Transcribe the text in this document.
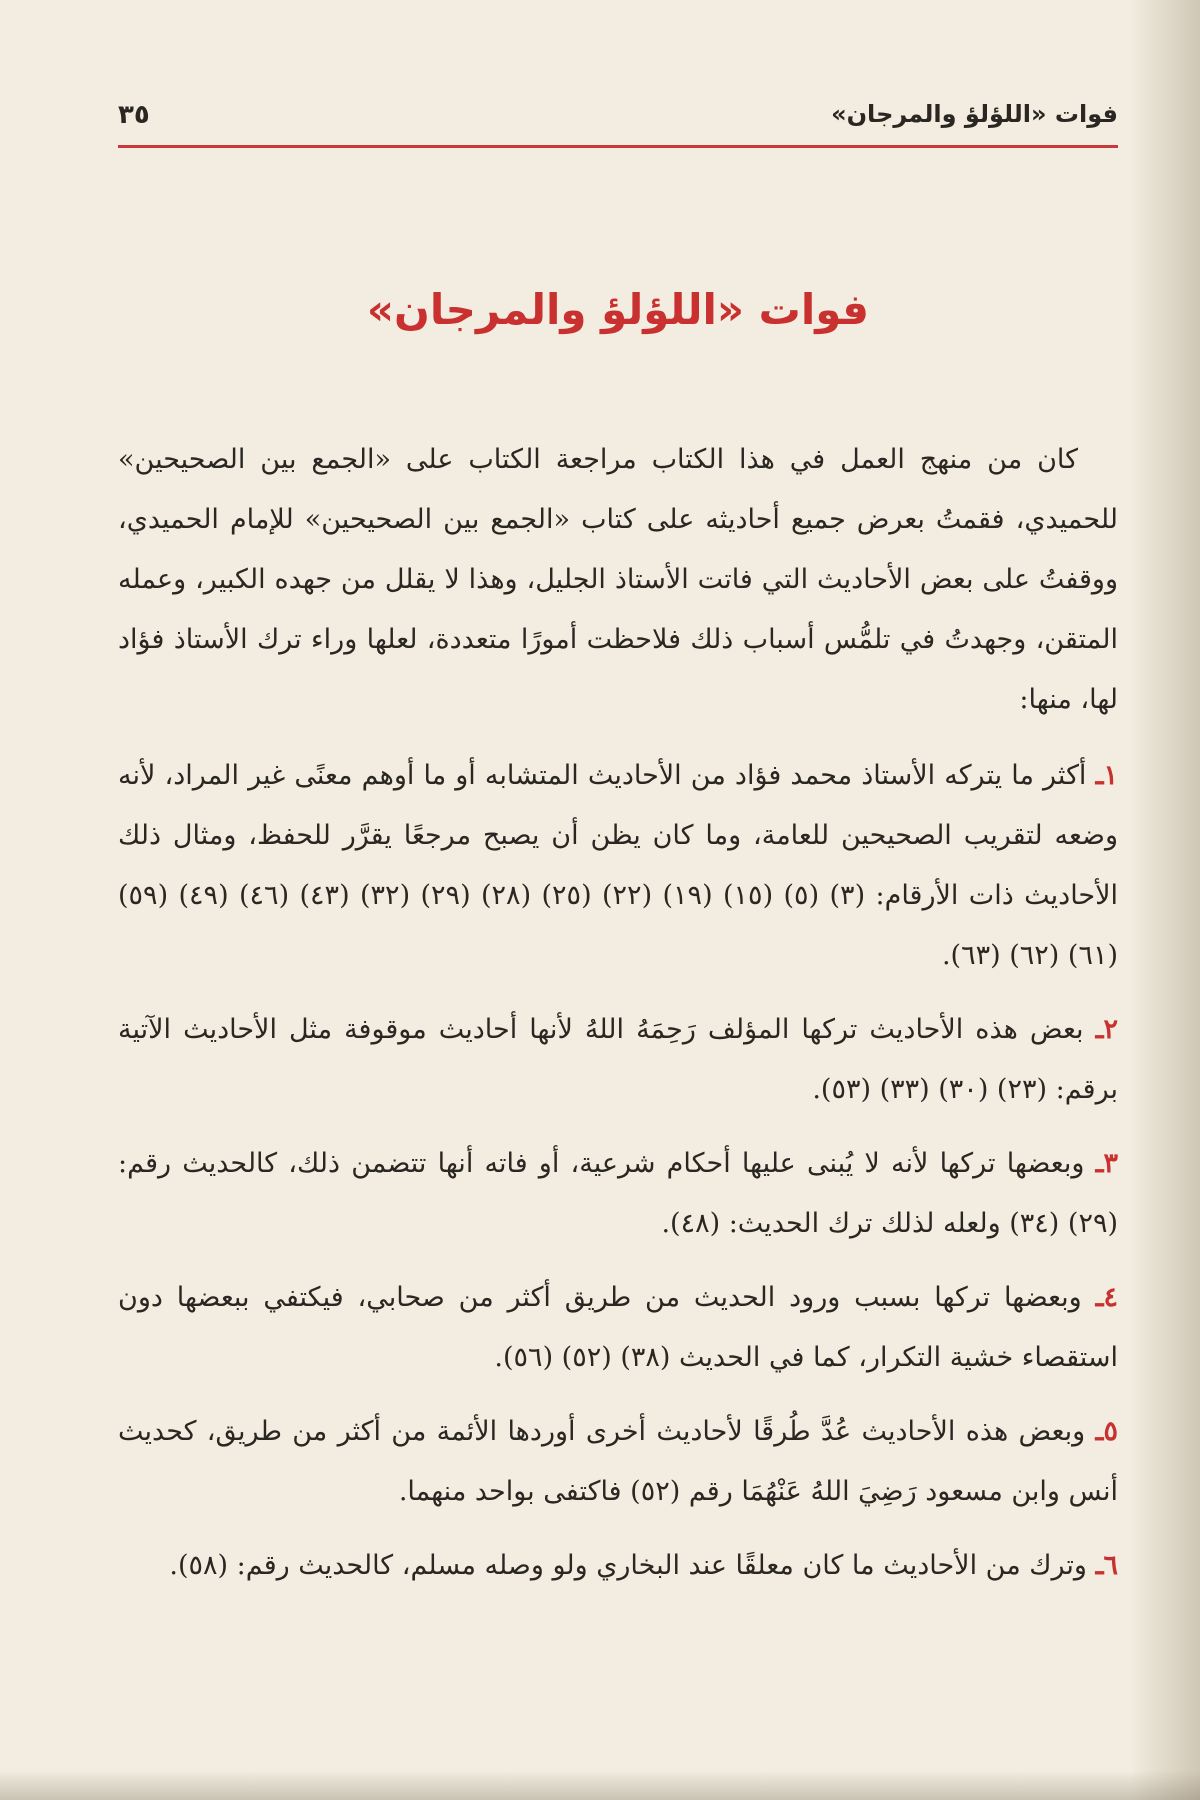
فوات «اللؤلؤ والمرجان»
٣٥
فوات «اللؤلؤ والمرجان»

كان من منهج العمل في هذا الكتاب مراجعة الكتاب على «الجمع بين الصحيحين» للحميدي، فقمتُ بعرض جميع أحاديثه على كتاب «الجمع بين الصحيحين» للإمام الحميدي، ووقفتُ على بعض الأحاديث التي فاتت الأستاذ الجليل، وهذا لا يقلل من جهده الكبير، وعمله المتقن، وجهدتُ في تلمُّس أسباب ذلك فلاحظت أمورًا متعددة، لعلها وراء ترك الأستاذ فؤاد لها، منها:

١ـ أكثر ما يتركه الأستاذ محمد فؤاد من الأحاديث المتشابه أو ما أوهم معنًى غير المراد، لأنه وضعه لتقريب الصحيحين للعامة، وما كان يظن أن يصبح مرجعًا يقرَّر للحفظ، ومثال ذلك الأحاديث ذات الأرقام: (٣) (٥) (١٥) (١٩) (٢٢) (٢٥) (٢٨) (٢٩) (٣٢) (٤٣) (٤٦) (٤٩) (٥٩) (٦١) (٦٢) (٦٣).

٢ـ بعض هذه الأحاديث تركها المؤلف رَحِمَهُ اللهُ لأنها أحاديث موقوفة مثل الأحاديث الآتية برقم: (٢٣) (٣٠) (٣٣) (٥٣).

٣ـ وبعضها تركها لأنه لا يُبنى عليها أحكام شرعية، أو فاته أنها تتضمن ذلك، كالحديث رقم: (٢٩) (٣٤) ولعله لذلك ترك الحديث: (٤٨).

٤ـ وبعضها تركها بسبب ورود الحديث من طريق أكثر من صحابي، فيكتفي ببعضها دون استقصاء خشية التكرار، كما في الحديث (٣٨) (٥٢) (٥٦).

٥ـ وبعض هذه الأحاديث عُدَّ طُرقًا لأحاديث أخرى أوردها الأئمة من أكثر من طريق، كحديث أنس وابن مسعود رَضِيَ اللهُ عَنْهُمَا رقم (٥٢) فاكتفى بواحد منهما.

٦ـ وترك من الأحاديث ما كان معلقًا عند البخاري ولو وصله مسلم، كالحديث رقم: (٥٨).
